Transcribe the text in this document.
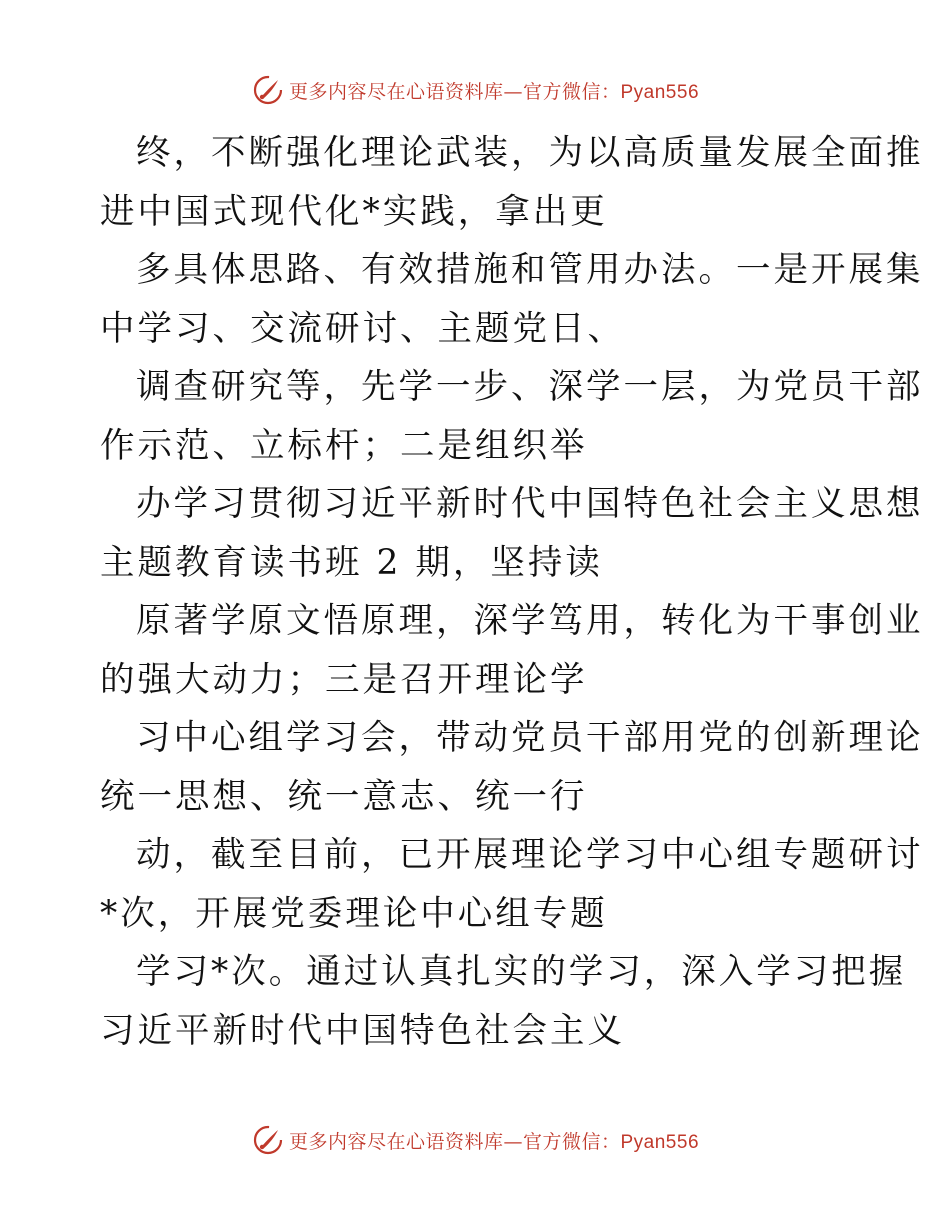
更多内容尽在心语资料库—官方微信：Pyan556
终，不断强化理论武装，为以高质量发展全面推
进中国式现代化*实践，拿出更
多具体思路、有效措施和管用办法。一是开展集
中学习、交流研讨、主题党日、
调查研究等，先学一步、深学一层，为党员干部
作示范、立标杆；二是组织举
办学习贯彻习近平新时代中国特色社会主义思想
主题教育读书班 2 期，坚持读
原著学原文悟原理，深学笃用，转化为干事创业
的强大动力；三是召开理论学
习中心组学习会，带动党员干部用党的创新理论
统一思想、统一意志、统一行
动，截至目前，已开展理论学习中心组专题研讨
*次，开展党委理论中心组专题
学习*次。通过认真扎实的学习，深入学习把握
习近平新时代中国特色社会主义
更多内容尽在心语资料库—官方微信：Pyan556
